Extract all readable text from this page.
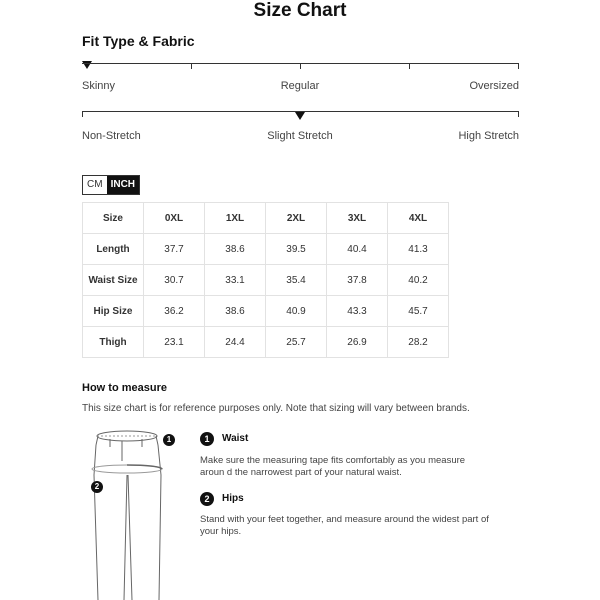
Size Chart
Fit Type & Fabric
Skinny	Regular	Oversized
Non-Stretch	Slight Stretch	High Stretch
CM INCH
Size	0XL	1XL	2XL	3XL	4XL
Length	37.7	38.6	39.5	40.4	41.3
Waist Size	30.7	33.1	35.4	37.8	40.2
Hip Size	36.2	38.6	40.9	43.3	45.7
Thigh	23.1	24.4	25.7	26.9	28.2
How to measure
This size chart is for reference purposes only. Note that sizing will vary between brands.
1
2
1	Waist
Make sure the measuring tape fits comfortably as you measure aroun d the narrowest part of your natural waist.
2	Hips
Stand with your feet together, and measure around the widest part of your hips.
